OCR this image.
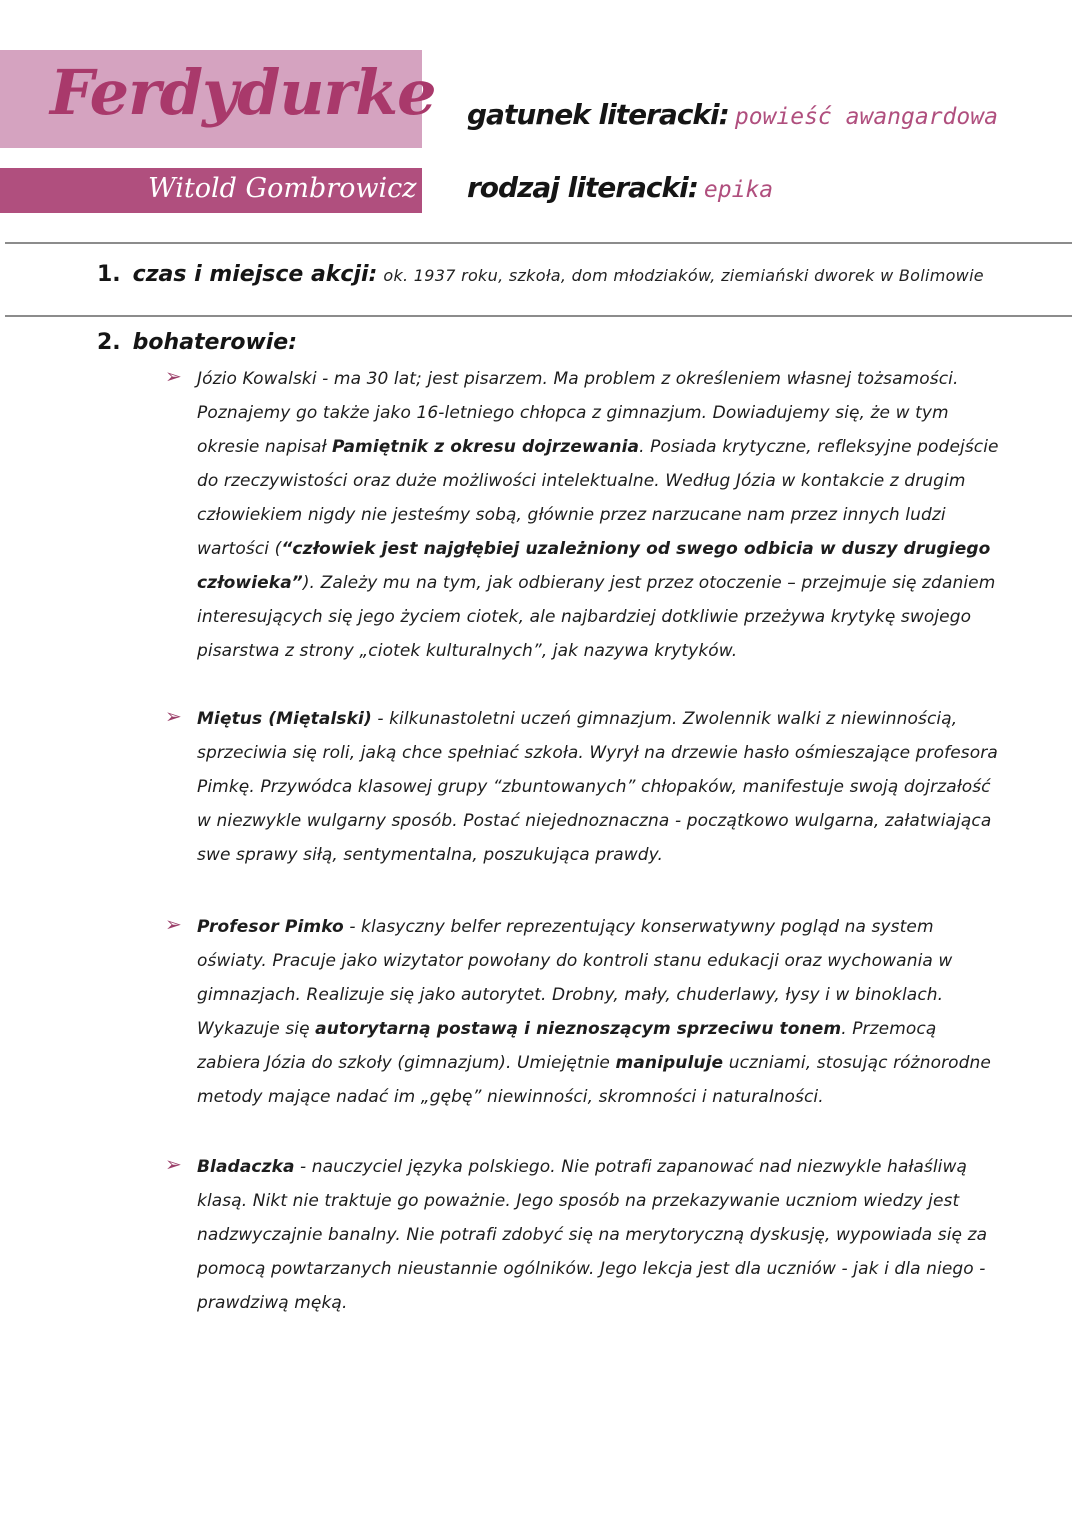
Ferdydurke
Witold Gombrowicz
gatunek literacki: powieść awangardowa
rodzaj literacki: epika
1. czas i miejsce akcji: ok. 1937 roku, szkoła, dom młodziaków, ziemiański dworek w Bolimowie
2. bohaterowie:
➢ Józio Kowalski - ma 30 lat; jest pisarzem. Ma problem z określeniem własnej tożsamości. Poznajemy go także jako 16-letniego chłopca z gimnazjum. Dowiadujemy się, że w tym okresie napisał Pamiętnik z okresu dojrzewania. Posiada krytyczne, refleksyjne podejście do rzeczywistości oraz duże możliwości intelektualne. Według Józia w kontakcie z drugim człowiekiem nigdy nie jesteśmy sobą, głównie przez narzucane nam przez innych ludzi wartości (“człowiek jest najgłębiej uzależniony od swego odbicia w duszy drugiego człowieka”). Zależy mu na tym, jak odbierany jest przez otoczenie – przejmuje się zdaniem interesujących się jego życiem ciotek, ale najbardziej dotkliwie przeżywa krytykę swojego pisarstwa z strony „ciotek kulturalnych”, jak nazywa krytyków.
➢ Miętus (Miętalski) - kilkunastoletni uczeń gimnazjum. Zwolennik walki z niewinnością, sprzeciwia się roli, jaką chce spełniać szkoła. Wyrył na drzewie hasło ośmieszające profesora Pimkę. Przywódca klasowej grupy “zbuntowanych” chłopaków, manifestuje swoją dojrzałość w niezwykle wulgarny sposób. Postać niejednoznaczna - początkowo wulgarna, załatwiająca swe sprawy siłą, sentymentalna, poszukująca prawdy.
➢ Profesor Pimko - klasyczny belfer reprezentujący konserwatywny pogląd na system oświaty. Pracuje jako wizytator powołany do kontroli stanu edukacji oraz wychowania w gimnazjach. Realizuje się jako autorytet. Drobny, mały, chuderlawy, łysy i w binoklach. Wykazuje się autorytarną postawą i nieznoszącym sprzeciwu tonem. Przemocą zabiera Józia do szkoły (gimnazjum). Umiejętnie manipuluje uczniami, stosując różnorodne metody mające nadać im „gębę” niewinności, skromności i naturalności.
➢ Bladaczka - nauczyciel języka polskiego. Nie potrafi zapanować nad niezwykle hałaśliwą klasą. Nikt nie traktuje go poważnie. Jego sposób na przekazywanie uczniom wiedzy jest nadzwyczajnie banalny. Nie potrafi zdobyć się na merytoryczną dyskusję, wypowiada się za pomocą powtarzanych nieustannie ogólników. Jego lekcja jest dla uczniów - jak i dla niego - prawdziwą męką.
